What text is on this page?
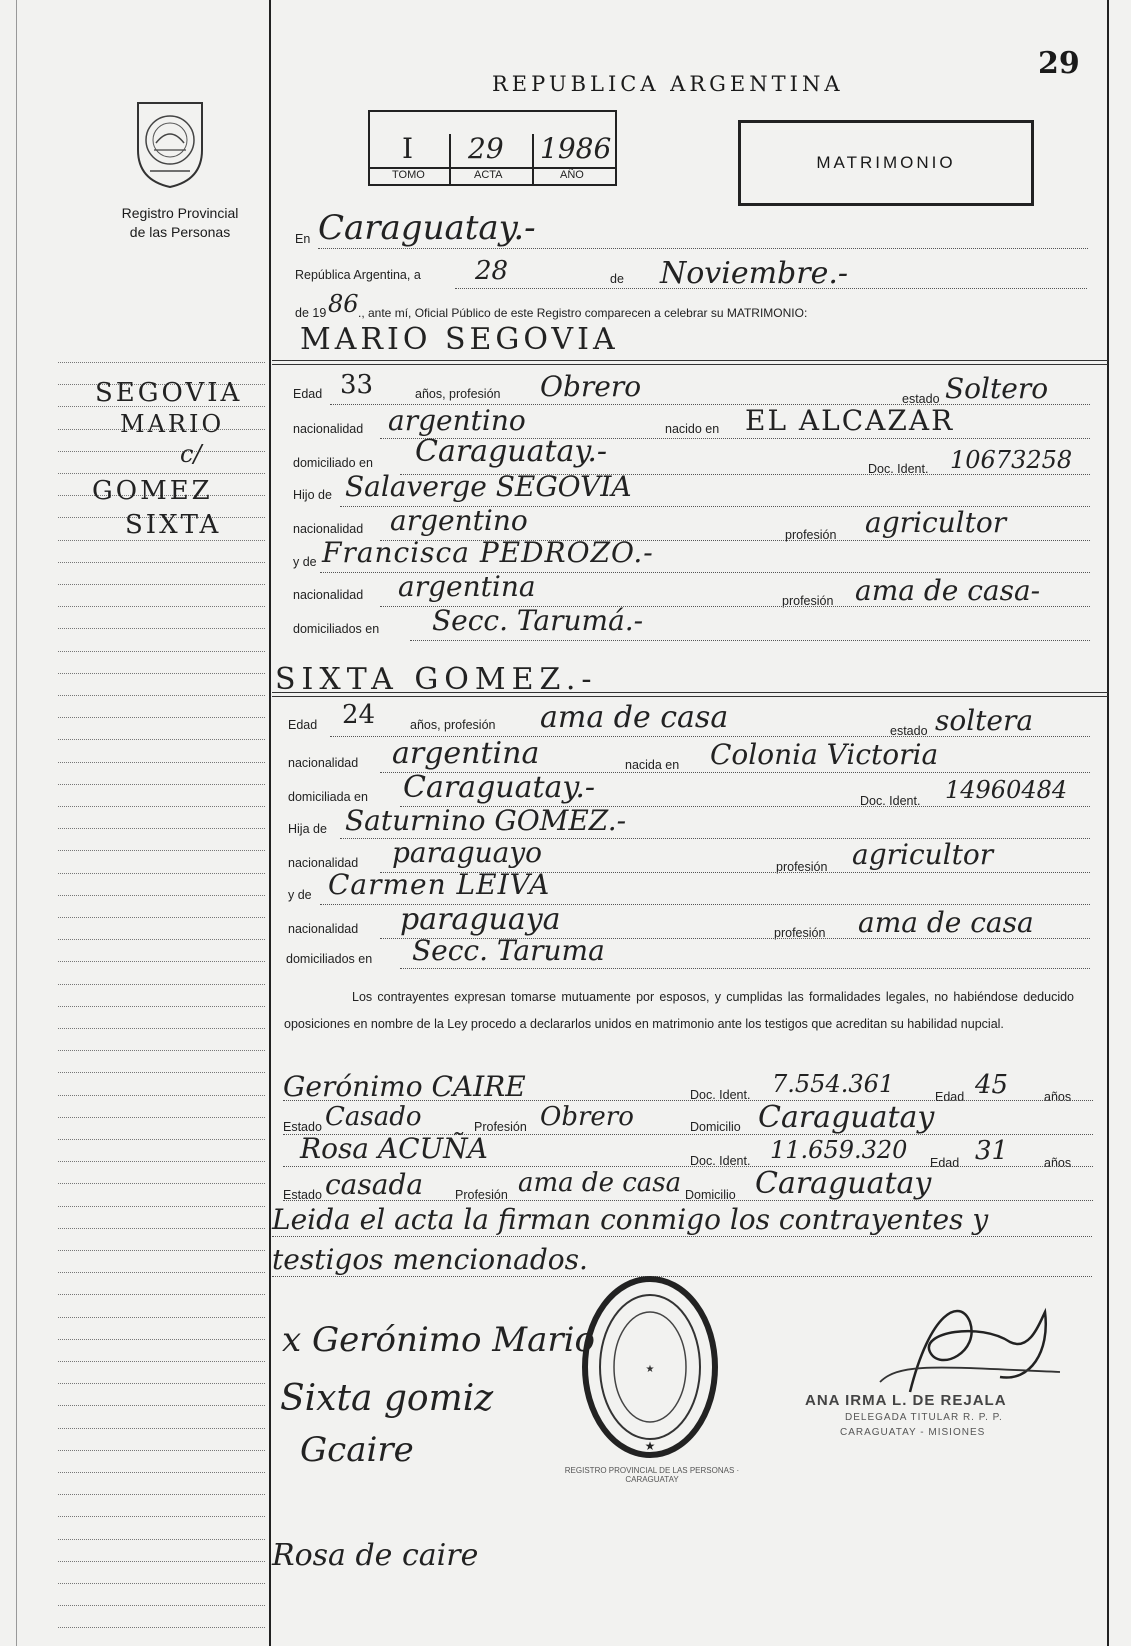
29
Registro Provincial
de las Personas
REPUBLICA ARGENTINA
I 29 1986
TOMO	ACTA	AÑO
MATRIMONIO
SEGOVIA
MARIO
c/
GOMEZ
SIXTA
En Caraguatay.-
República Argentina, a 28	de Noviembre.-
de 19 86 ., ante mí, Oficial Público de este Registro comparecen a celebrar su MATRIMONIO:
MARIO SEGOVIA
Edad 33	años, profesión Obrero	estado Soltero
nacionalidad argentino	nacido en EL ALCAZAR
domiciliado en Caraguatay.-	Doc. Ident. 10673258
Hijo de Salaverge SEGOVIA
nacionalidad argentino	profesión agricultor
y de Francisca PEDROZO.-
nacionalidad argentina	profesión ama de casa-
domiciliados en Secc. Tarumá.-
SIXTA GOMEZ.-
Edad 24	años, profesión ama de casa	estado soltera
nacionalidad argentina	nacida en Colonia Victoria
domiciliada en Caraguatay.-	Doc. Ident. 14960484
Hija de Saturnino GOMEZ.-
nacionalidad paraguayo	profesión agricultor
y de Carmen LEIVA
nacionalidad paraguaya	profesión ama de casa
domiciliados en Secc. Taruma
Los contrayentes expresan tomarse mutuamente por esposos, y cumplidas las formalidades legales, no habiéndose deducido oposiciones en nombre de la Ley procedo a declararlos unidos en matrimonio ante los testigos que acreditan su habilidad nupcial.
Gerónimo CAIRE	Doc. Ident. 7.554.361	Edad 45	años
Estado Casado	Profesión Obrero	Domicilio Caraguatay
Rosa ACUÑA	Doc. Ident. 11.659.320 Edad 31	años
Estado casada	Profesión ama de casa Domicilio Caraguatay
Leida el acta la firman conmigo los contrayentes y testigos mencionados.
x Gerónimo Mario
Sixta gomiz
Gcaire
Rosa de caire
★
★
REGISTRO PROVINCIAL DE LAS PERSONAS · CARAGUATAY
ANA IRMA L. DE REJALA
DELEGADA TITULAR R. P. P.
CARAGUATAY - MISIONES
